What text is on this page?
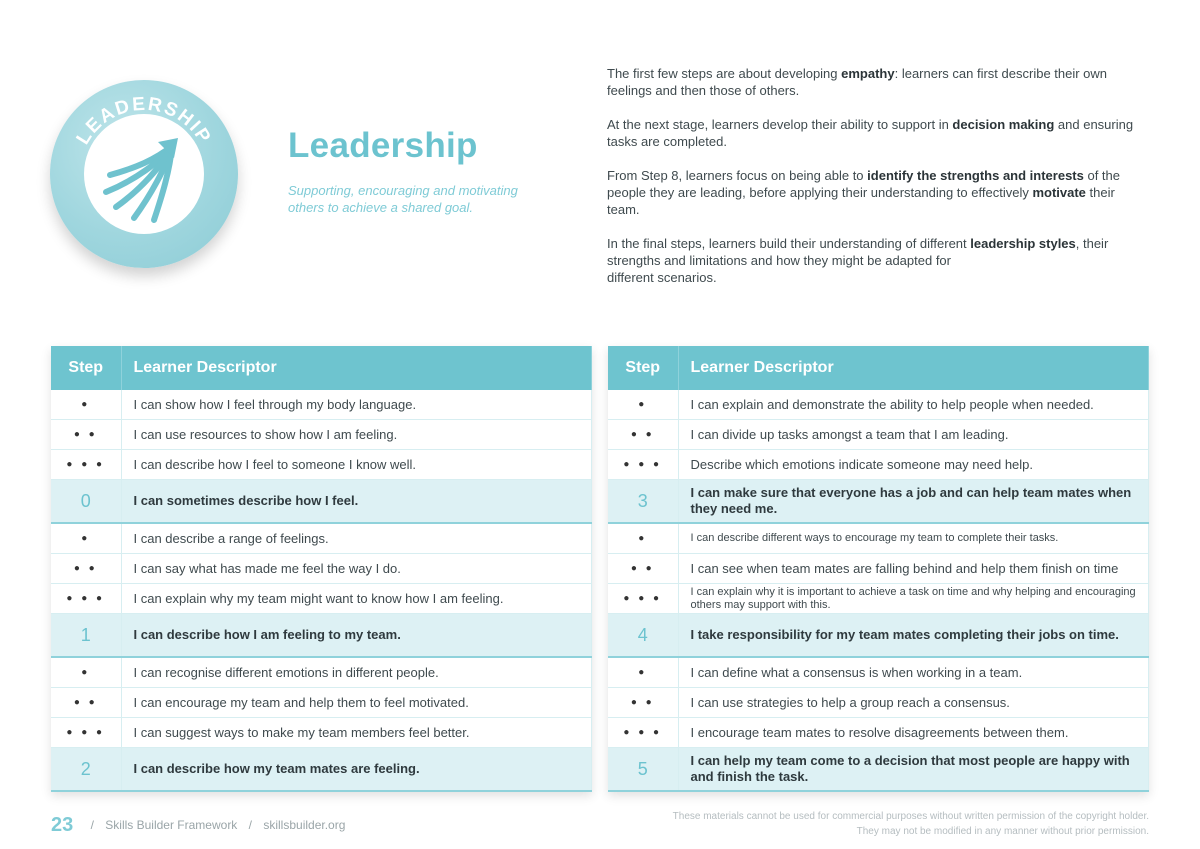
LEADERSHIP Leadership
Supporting, encouraging and motivating others to achieve a shared goal.

The first few steps are about developing empathy: learners can first describe their own feelings and then those of others.

At the next stage, learners develop their ability to support in decision making and ensuring tasks are completed.

From Step 8, learners focus on being able to identify the strengths and interests of the people they are leading, before applying their understanding to effectively motivate their team.

In the final steps, learners build their understanding of different leadership styles, their strengths and limitations and how they might be adapted for
different scenarios.

Step	Learner Descriptor
●	I can show how I feel through my body language.
● ●	I can use resources to show how I am feeling.
● ● ●	I can describe how I feel to someone I know well.
0	I can sometimes describe how I feel.
●	I can describe a range of feelings.
● ●	I can say what has made me feel the way I do.
● ● ●	I can explain why my team might want to know how I am feeling.
1	I can describe how I am feeling to my team.
●	I can recognise different emotions in different people.
● ●	I can encourage my team and help them to feel motivated.
● ● ●	I can suggest ways to make my team members feel better.
2	I can describe how my team mates are feeling.
Step	Learner Descriptor
●	I can explain and demonstrate the ability to help people when needed.
● ●	I can divide up tasks amongst a team that I am leading.
● ● ●	Describe which emotions indicate someone may need help.
3	I can make sure that everyone has a job and can help team mates when they need me.
●	I can describe different ways to encourage my team to complete their tasks.
● ●	I can see when team mates are falling behind and help them finish on time
● ● ●	I can explain why it is important to achieve a task on time and why helping and encouraging others may support with this.
4	I take responsibility for my team mates completing their jobs on time.
●	I can define what a consensus is when working in a team.
● ●	I can use strategies to help a group reach a consensus.
● ● ●	I encourage team mates to resolve disagreements between them.
5	I can help my team come to a decision that most people are happy with and finish the task.
23 / Skills Builder Framework / skillsbuilder.org
These materials cannot be used for commercial purposes without written permission of the copyright holder.
They may not be modified in any manner without prior permission.
